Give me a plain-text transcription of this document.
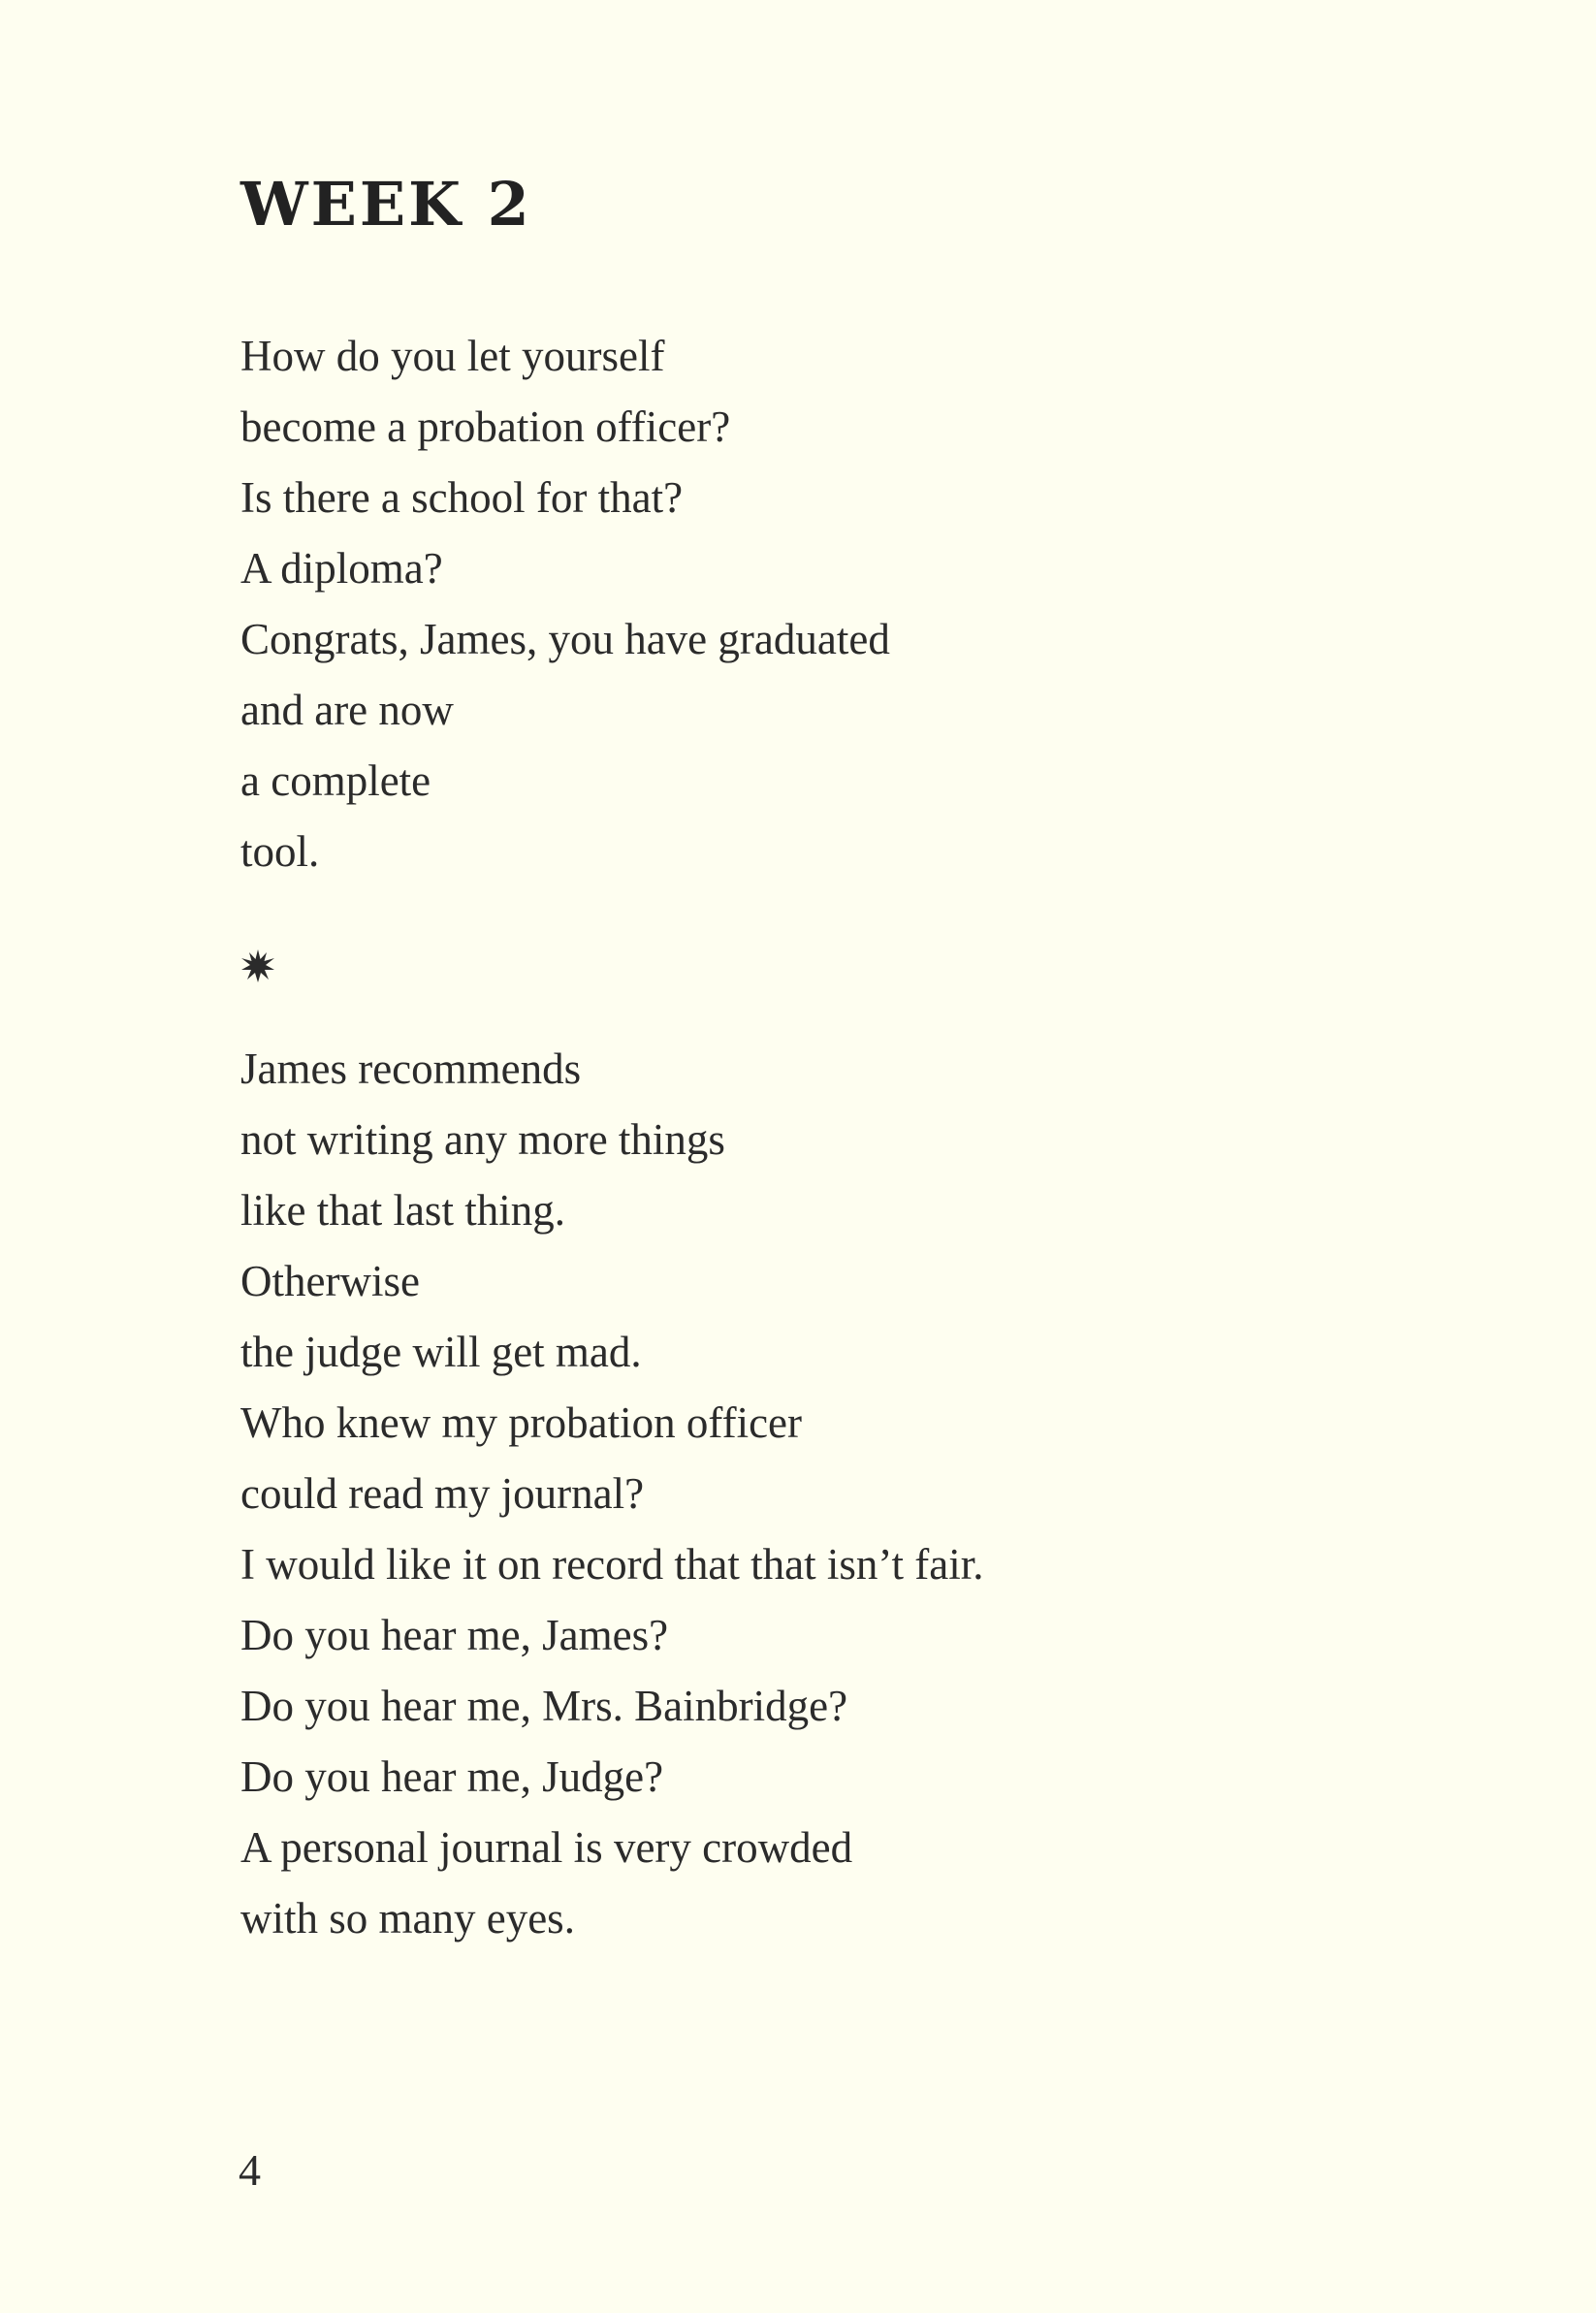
WEEK 2
How do you let yourself
become a probation officer?
Is there a school for that?
A diploma?
Congrats, James, you have graduated
and are now
a complete
tool.
James recommends
not writing any more things
like that last thing.
Otherwise
the judge will get mad.
Who knew my probation officer
could read my journal?
I would like it on record that that isn’t fair.
Do you hear me, James?
Do you hear me, Mrs. Bainbridge?
Do you hear me, Judge?
A personal journal is very crowded
with so many eyes.
4
